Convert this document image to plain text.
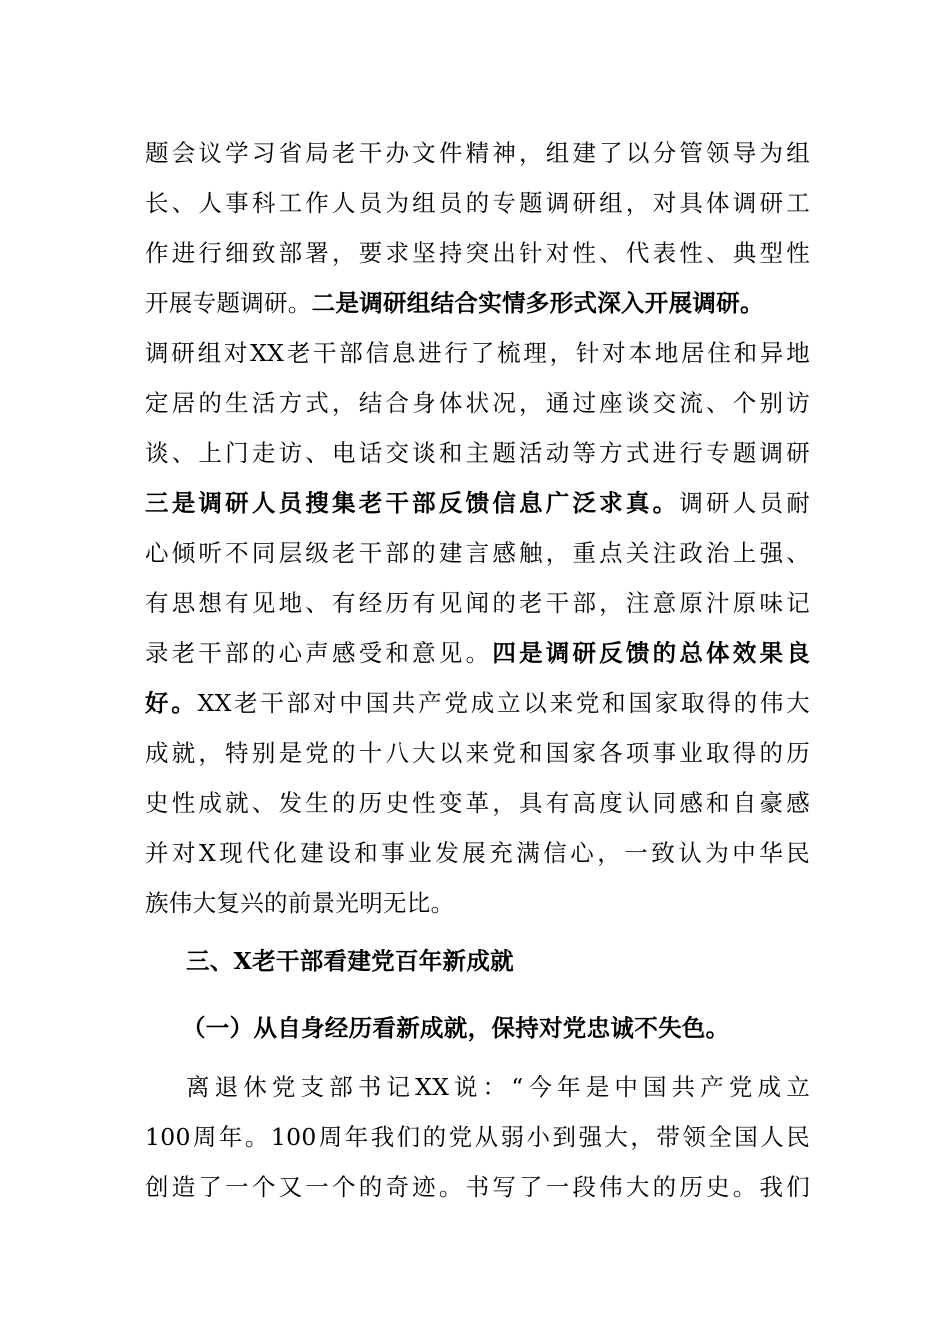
题会议学习省局老干办文件精神，组建了以分管领导为组
长、人事科工作人员为组员的专题调研组，对具体调研工
作进行细致部署，要求坚持突出针对性、代表性、典型性
开展专题调研。二是调研组结合实情多形式深入开展调研。
调研组对XX老干部信息进行了梳理，针对本地居住和异地
定居的生活方式，结合身体状况，通过座谈交流、个别访
谈、上门走访、电话交谈和主题活动等方式进行专题调研
三是调研人员搜集老干部反馈信息广泛求真。调研人员耐
心倾听不同层级老干部的建言感触，重点关注政治上强、
有思想有见地、有经历有见闻的老干部，注意原汁原味记
录老干部的心声感受和意见。四是调研反馈的总体效果良
好。XX老干部对中国共产党成立以来党和国家取得的伟大
成就，特别是党的十八大以来党和国家各项事业取得的历
史性成就、发生的历史性变革，具有高度认同感和自豪感
并对X现代化建设和事业发展充满信心，一致认为中华民
族伟大复兴的前景光明无比。
三、X老干部看建党百年新成就
（一）从自身经历看新成就，保持对党忠诚不失色。
离退休党支部书记XX说：“今年是中国共产党成立
100周年。100周年我们的党从弱小到强大，带领全国人民
创造了一个又一个的奇迹。书写了一段伟大的历史。我们
